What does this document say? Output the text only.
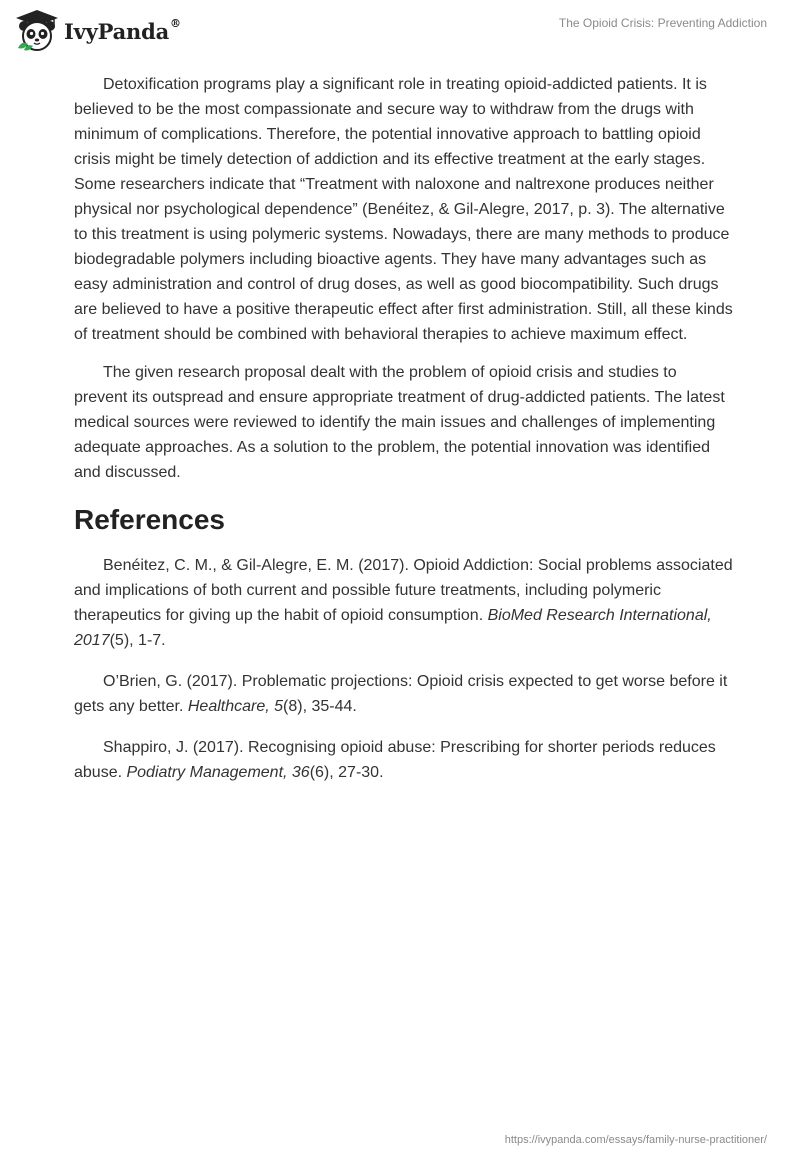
IvyPanda®	The Opioid Crisis: Preventing Addiction

Detoxification programs play a significant role in treating opioid-addicted patients. It is believed to be the most compassionate and secure way to withdraw from the drugs with minimum of complications. Therefore, the potential innovative approach to battling opioid crisis might be timely detection of addiction and its effective treatment at the early stages. Some researchers indicate that “Treatment with naloxone and naltrexone produces neither physical nor psychological dependence” (Benéitez, & Gil-Alegre, 2017, p. 3). The alternative to this treatment is using polymeric systems. Nowadays, there are many methods to produce biodegradable polymers including bioactive agents. They have many advantages such as easy administration and control of drug doses, as well as good biocompatibility. Such drugs are believed to have a positive therapeutic effect after first administration. Still, all these kinds of treatment should be combined with behavioral therapies to achieve maximum effect.

The given research proposal dealt with the problem of opioid crisis and studies to prevent its outspread and ensure appropriate treatment of drug-addicted patients. The latest medical sources were reviewed to identify the main issues and challenges of implementing adequate approaches. As a solution to the problem, the potential innovation was identified and discussed.

References

Benéitez, C. M., & Gil-Alegre, E. M. (2017). Opioid Addiction: Social problems associated and implications of both current and possible future treatments, including polymeric therapeutics for giving up the habit of opioid consumption. BioMed Research International, 2017(5), 1-7.

O’Brien, G. (2017). Problematic projections: Opioid crisis expected to get worse before it gets any better. Healthcare, 5(8), 35-44.

Shappiro, J. (2017). Recognising opioid abuse: Prescribing for shorter periods reduces abuse. Podiatry Management, 36(6), 27-30.

https://ivypanda.com/essays/family-nurse-practitioner/
